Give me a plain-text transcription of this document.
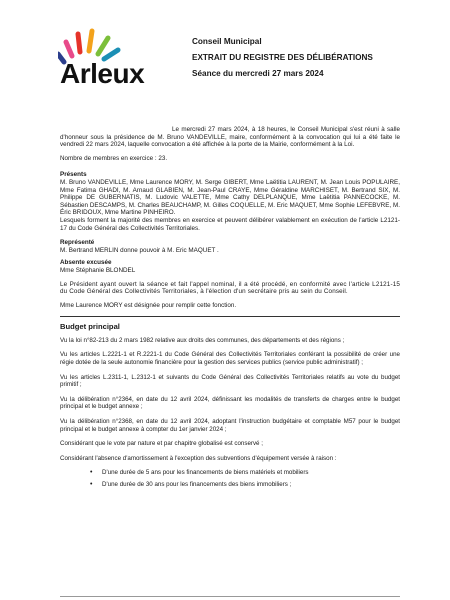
Arleux
Conseil Municipal
EXTRAIT DU REGISTRE DES DÉLIBÉRATIONS
Séance du mercredi 27 mars 2024
Le mercredi 27 mars 2024, à 18 heures, le Conseil Municipal s'est réuni à salle d'honneur sous la présidence de M. Bruno VANDEVILLE, maire, conformément à la convocation qui lui a été faite le vendredi 22 mars 2024, laquelle convocation a été affichée à la porte de la Mairie, conformément à la Loi.
Nombre de membres en exercice : 23.
Présents
M. Bruno VANDEVILLE, Mme Laurence MORY, M. Serge GIBERT, Mme Laëtitia LAURENT, M. Jean Louis POPULAIRE, Mme Fatima GHADI, M. Arnaud GLABIEN, M. Jean-Paul CRAYE, Mme Géraldine MARCHISET, M. Bertrand SIX, M. Philippe DE GUBERNATIS, M. Ludovic VALETTE, Mme Cathy DELPLANQUE, Mme Laëtitia PANNECOCKE, M. Sébastien DESCAMPS, M. Charles BEAUCHAMP, M. Gilles COQUELLE, M. Eric MAQUET, Mme Sophie LEFEBVRE, M. Éric BRIDOUX, Mme Martine PINHEIRO.
Lesquels forment la majorité des membres en exercice et peuvent délibérer valablement en exécution de l'article L2121-17 du Code Général des Collectivités Territoriales.
Représenté
M. Bertrand MERLIN donne pouvoir à M. Eric MAQUET .
Absente excusée
Mme Stéphanie BLONDEL
Le Président ayant ouvert la séance et fait l'appel nominal, il a été procédé, en conformité avec l'article L2121-15 du Code Général des Collectivités Territoriales, à l'élection d'un secrétaire pris au sein du Conseil.
Mme Laurence MORY est désignée pour remplir cette fonction.
Budget principal
Vu la loi n°82-213 du 2 mars 1982 relative aux droits des communes, des départements et des régions ;
Vu les articles L.2221-1 et R.2221-1 du Code Général des Collectivités Territoriales conférant la possibilité de créer une régie dotée de la seule autonomie financière pour la gestion des services publics (service public administratif) ;
Vu les articles L.2311-1, L.2312-1 et suivants du Code Général des Collectivités Territoriales relatifs au vote du budget primitif ;
Vu la délibération n°2364, en date du 12 avril 2024, définissant les modalités de transferts de charges entre le budget principal et le budget annexe ;
Vu la délibération n°2368, en date du 12 avril 2024, adoptant l'instruction budgétaire et comptable M57 pour le budget principal et le budget annexe à compter du 1er janvier 2024 ;
Considérant que le vote par nature et par chapitre globalisé est conservé ;
Considérant l'absence d'amortissement à l'exception des subventions d'équipement versée à raison :
• D'une durée de 5 ans pour les financements de biens matériels et mobiliers
• D'une durée de 30 ans pour les financements des biens immobiliers ;
